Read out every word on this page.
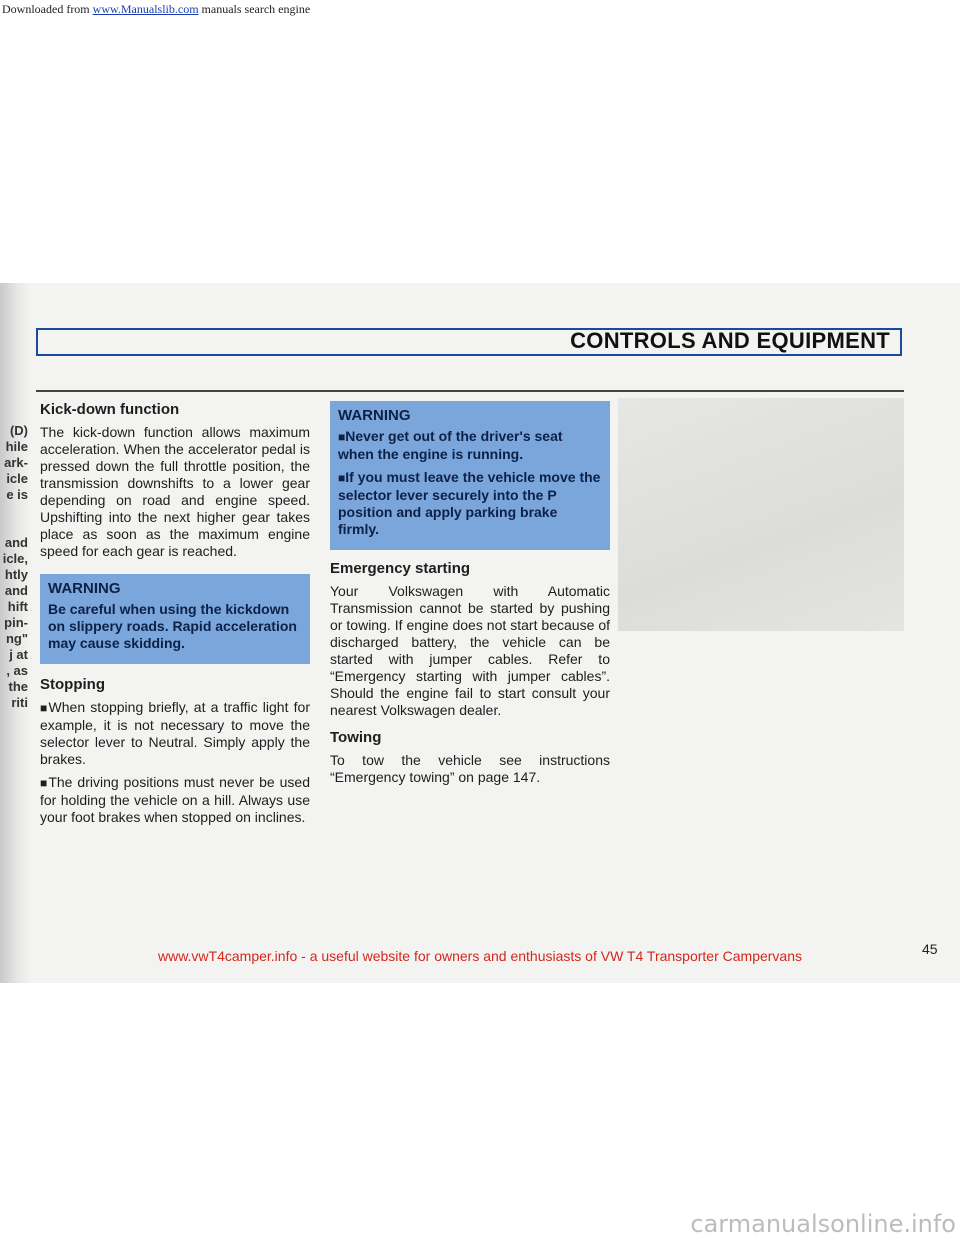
Downloaded from www.Manualslib.com manuals search engine
(D)
hile
ark-
icle
e is

and
icle,
htly
and
hift
pin-
ng"
j at
, as
the
riti
CONTROLS AND EQUIPMENT
Kick-down function

The kick-down function allows maximum acceleration. When the accelerator pedal is pressed down the full throttle position, the transmission downshifts to a lower gear depending on road and engine speed. Upshifting into the next higher gear takes place as soon as the maximum engine speed for each gear is reached.

WARNING

Be careful when using the kickdown on slippery roads. Rapid acceleration may cause skidding.

Stopping

■ When stopping briefly, at a traffic light for example, it is not necessary to move the selector lever to Neutral. Simply apply the brakes.

■ The driving positions must never be used for holding the vehicle on a hill. Always use your foot brakes when stopped on inclines.

WARNING

■ Never get out of the driver's seat when the engine is running.

■ If you must leave the vehicle move the selector lever securely into the P position and apply parking brake firmly.

Emergency starting

Your Volkswagen with Automatic Transmission cannot be started by pushing or towing. If engine does not start because of discharged battery, the vehicle can be started with jumper cables. Refer to “Emergency starting with jumper cables”. Should the engine fail to start consult your nearest Volkswagen dealer.

Towing

To tow the vehicle see instructions “Emergency towing” on page 147.

45
www.vwT4camper.info - a useful website for owners and enthusiasts of VW T4 Transporter Campervans
carmanualsonline.info
